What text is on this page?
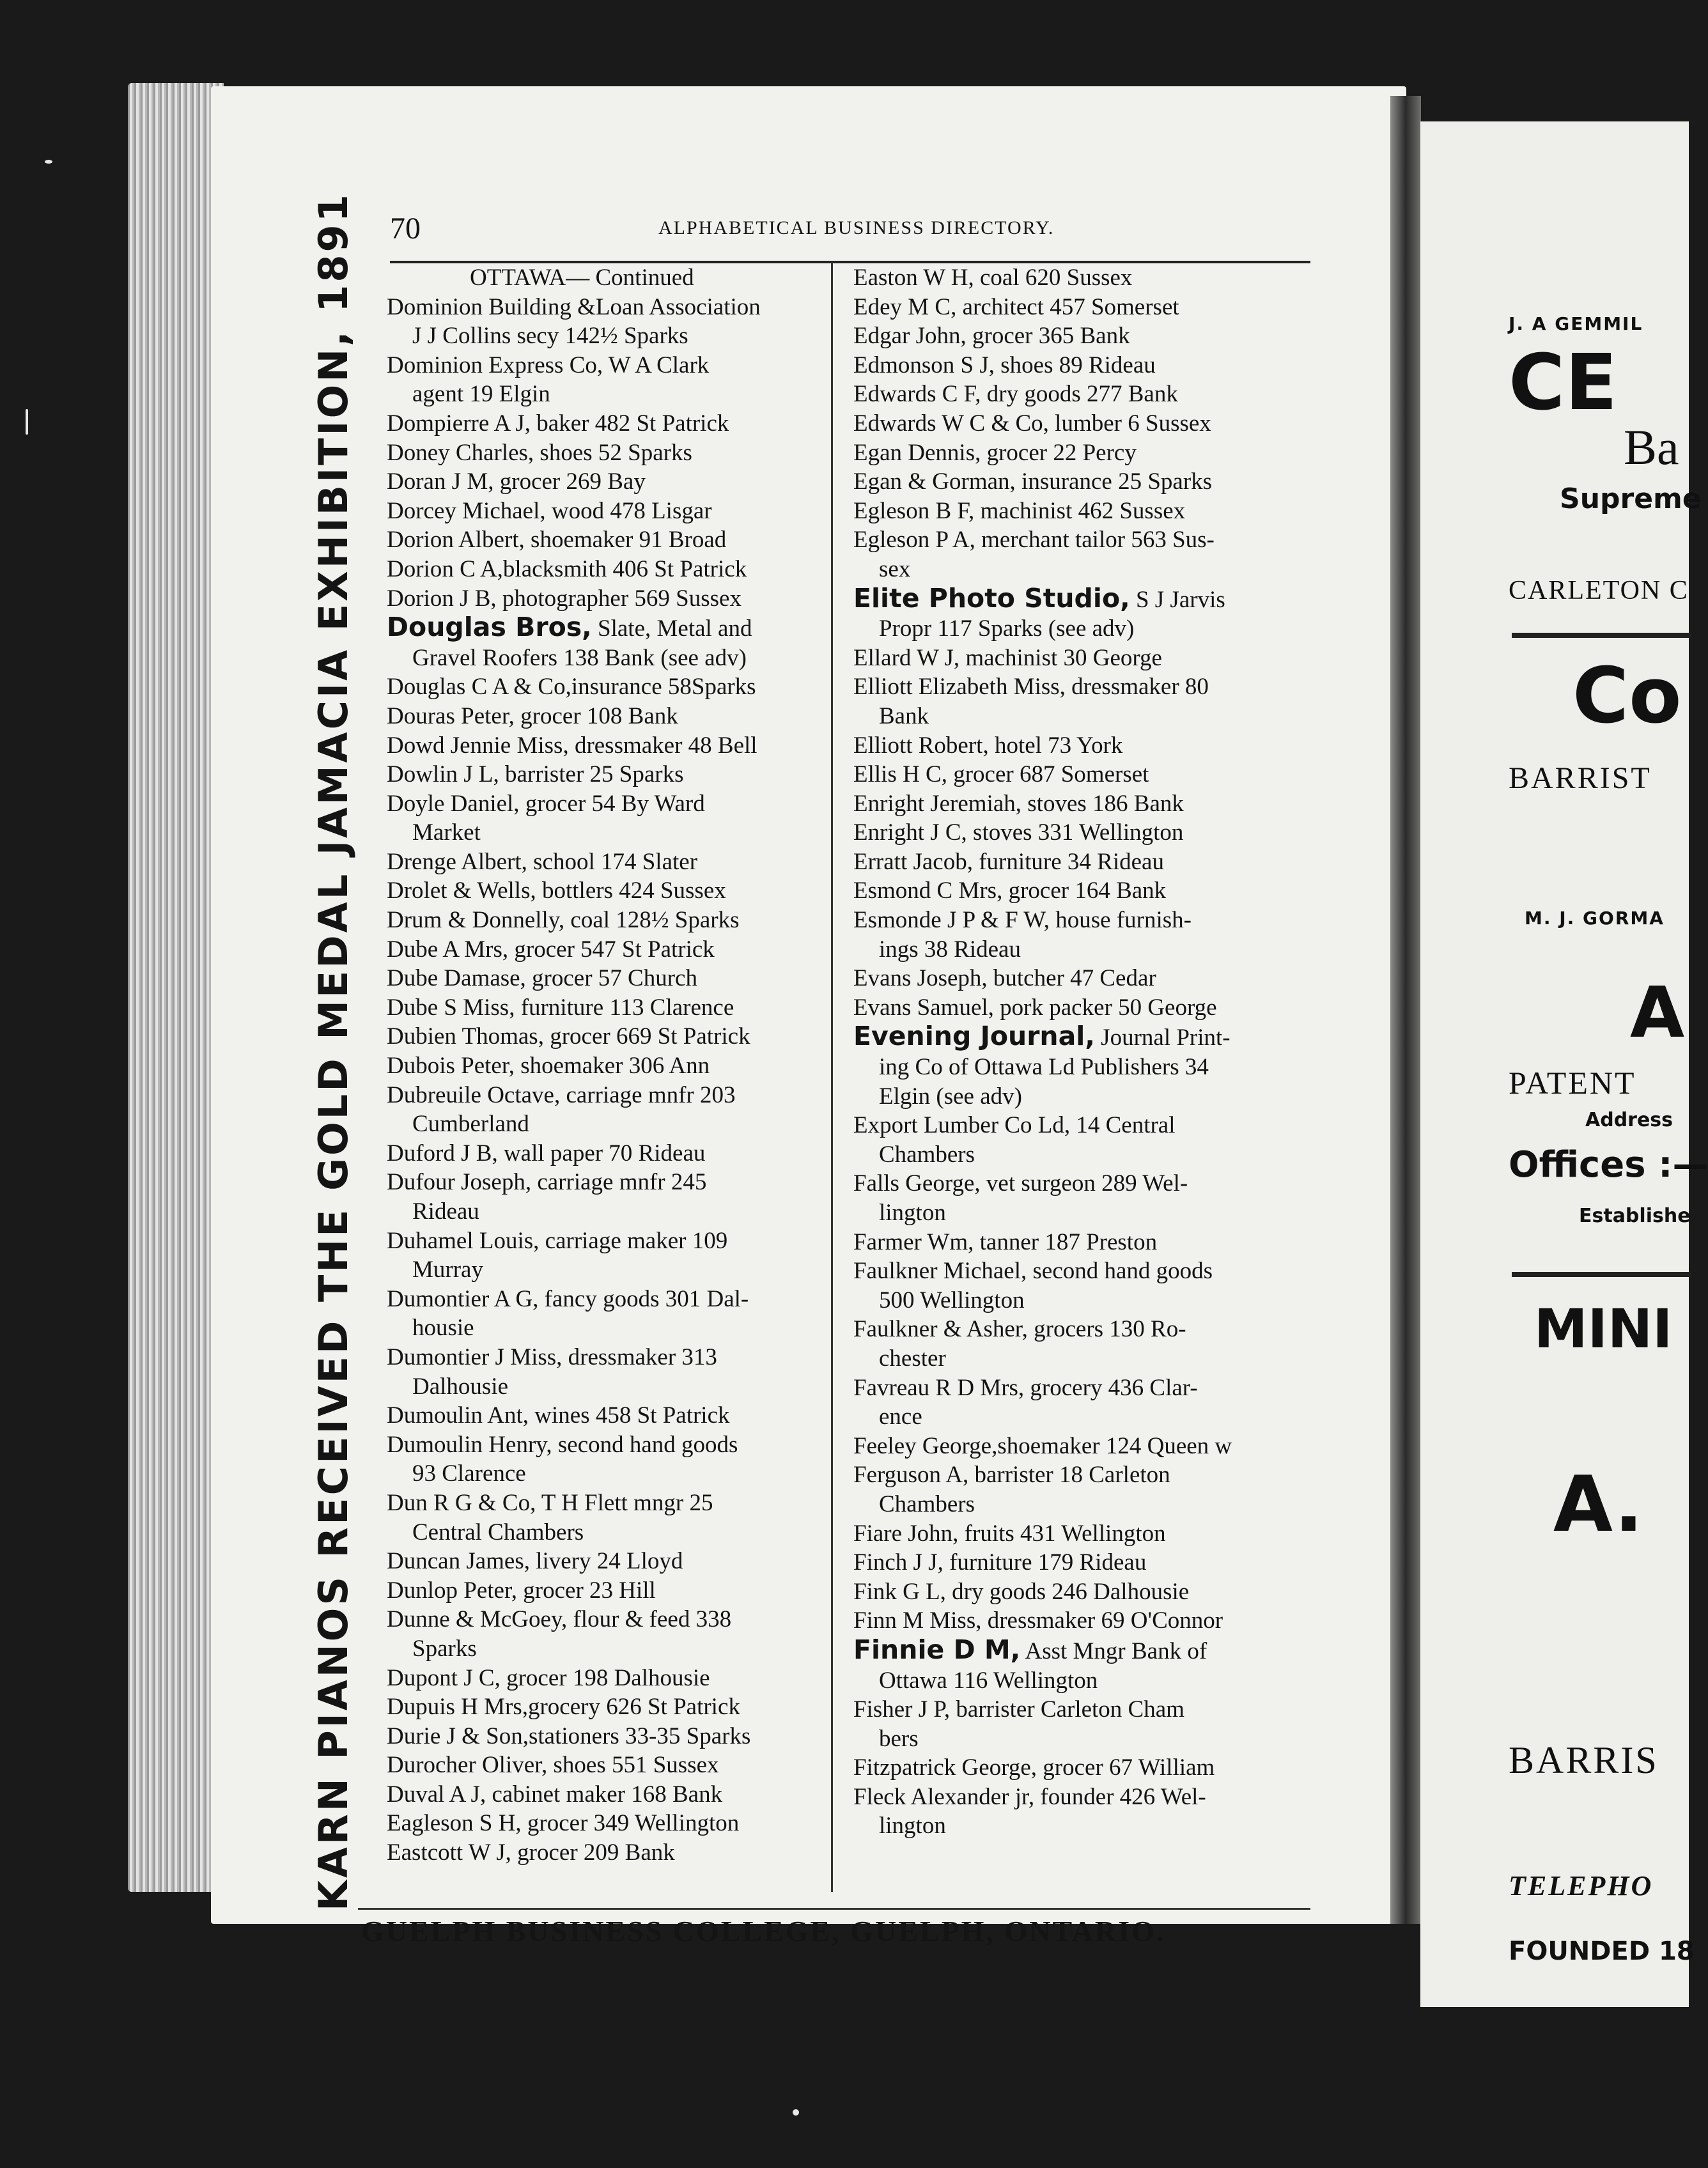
KARN PIANOS RECEIVED THE GOLD MEDAL JAMACIA EXHIBITION, 1891 70	ALPHABETICAL BUSINESS DIRECTORY.

OTTAWA— Continued

Dominion Building &Loan Association
J J Collins secy 142½ Sparks

Dominion Express Co, W A Clark
agent 19 Elgin

Dompierre A J, baker 482 St Patrick

Doney Charles, shoes 52 Sparks

Doran J M, grocer 269 Bay

Dorcey Michael, wood 478 Lisgar

Dorion Albert, shoemaker 91 Broad

Dorion C A,blacksmith 406 St Patrick

Dorion J B, photographer 569 Sussex

Douglas Bros, Slate, Metal and
Gravel Roofers 138 Bank (see adv)

Douglas C A & Co,insurance 58Sparks

Douras Peter, grocer 108 Bank

Dowd Jennie Miss, dressmaker 48 Bell

Dowlin J L, barrister 25 Sparks

Doyle Daniel, grocer 54 By Ward
Market

Drenge Albert, school 174 Slater

Drolet & Wells, bottlers 424 Sussex

Drum & Donnelly, coal 128½ Sparks

Dube A Mrs, grocer 547 St Patrick

Dube Damase, grocer 57 Church

Dube S Miss, furniture 113 Clarence

Dubien Thomas, grocer 669 St Patrick

Dubois Peter, shoemaker 306 Ann

Dubreuile Octave, carriage mnfr 203
Cumberland

Duford J B, wall paper 70 Rideau

Dufour Joseph, carriage mnfr 245
Rideau

Duhamel Louis, carriage maker 109
Murray

Dumontier A G, fancy goods 301 Dal-
housie

Dumontier J Miss, dressmaker 313
Dalhousie

Dumoulin Ant, wines 458 St Patrick

Dumoulin Henry, second hand goods
93 Clarence

Dun R G & Co, T H Flett mngr 25
Central Chambers

Duncan James, livery 24 Lloyd

Dunlop Peter, grocer 23 Hill

Dunne & McGoey, flour & feed 338
Sparks

Dupont J C, grocer 198 Dalhousie

Dupuis H Mrs,grocery 626 St Patrick

Durie J & Son,stationers 33-35 Sparks

Durocher Oliver, shoes 551 Sussex

Duval A J, cabinet maker 168 Bank

Eagleson S H, grocer 349 Wellington

Eastcott W J, grocer 209 Bank

Easton W H, coal 620 Sussex

Edey M C, architect 457 Somerset

Edgar John, grocer 365 Bank

Edmonson S J, shoes 89 Rideau

Edwards C F, dry goods 277 Bank

Edwards W C & Co, lumber 6 Sussex

Egan Dennis, grocer 22 Percy

Egan & Gorman, insurance 25 Sparks

Egleson B F, machinist 462 Sussex

Egleson P A, merchant tailor 563 Sus-
sex

Elite Photo Studio, S J Jarvis
Propr 117 Sparks (see adv)

Ellard W J, machinist 30 George

Elliott Elizabeth Miss, dressmaker 80
Bank

Elliott Robert, hotel 73 York

Ellis H C, grocer 687 Somerset

Enright Jeremiah, stoves 186 Bank

Enright J C, stoves 331 Wellington

Erratt Jacob, furniture 34 Rideau

Esmond C Mrs, grocer 164 Bank

Esmonde J P & F W, house furnish-
ings 38 Rideau

Evans Joseph, butcher 47 Cedar

Evans Samuel, pork packer 50 George

Evening Journal, Journal Print-
ing Co of Ottawa Ld Publishers 34
Elgin (see adv)

Export Lumber Co Ld, 14 Central
Chambers

Falls George, vet surgeon 289 Wel-
lington

Farmer Wm, tanner 187 Preston

Faulkner Michael, second hand goods
500 Wellington

Faulkner & Asher, grocers 130 Ro-
chester

Favreau R D Mrs, grocery 436 Clar-
ence

Feeley George,shoemaker 124 Queen w

Ferguson A, barrister 18 Carleton
Chambers

Fiare John, fruits 431 Wellington

Finch J J, furniture 179 Rideau

Fink G L, dry goods 246 Dalhousie

Finn M Miss, dressmaker 69 O'Connor

Finnie D M, Asst Mngr Bank of
Ottawa 116 Wellington

Fisher J P, barrister Carleton Cham
bers

Fitzpatrick George, grocer 67 William

Fleck Alexander jr, founder 426 Wel-
lington

GUELPH BUSINESS COLLEGE, GUELPH, ONTARIO.
J. A GEMMIL
CE
Ba
Supreme
CARLETON C
Co
BARRIST
M. J. GORMA
A
PATENT
Address
Offices :—
Establishe
MINI
A.
BARRIS
TELEPHO
FOUNDED 18
